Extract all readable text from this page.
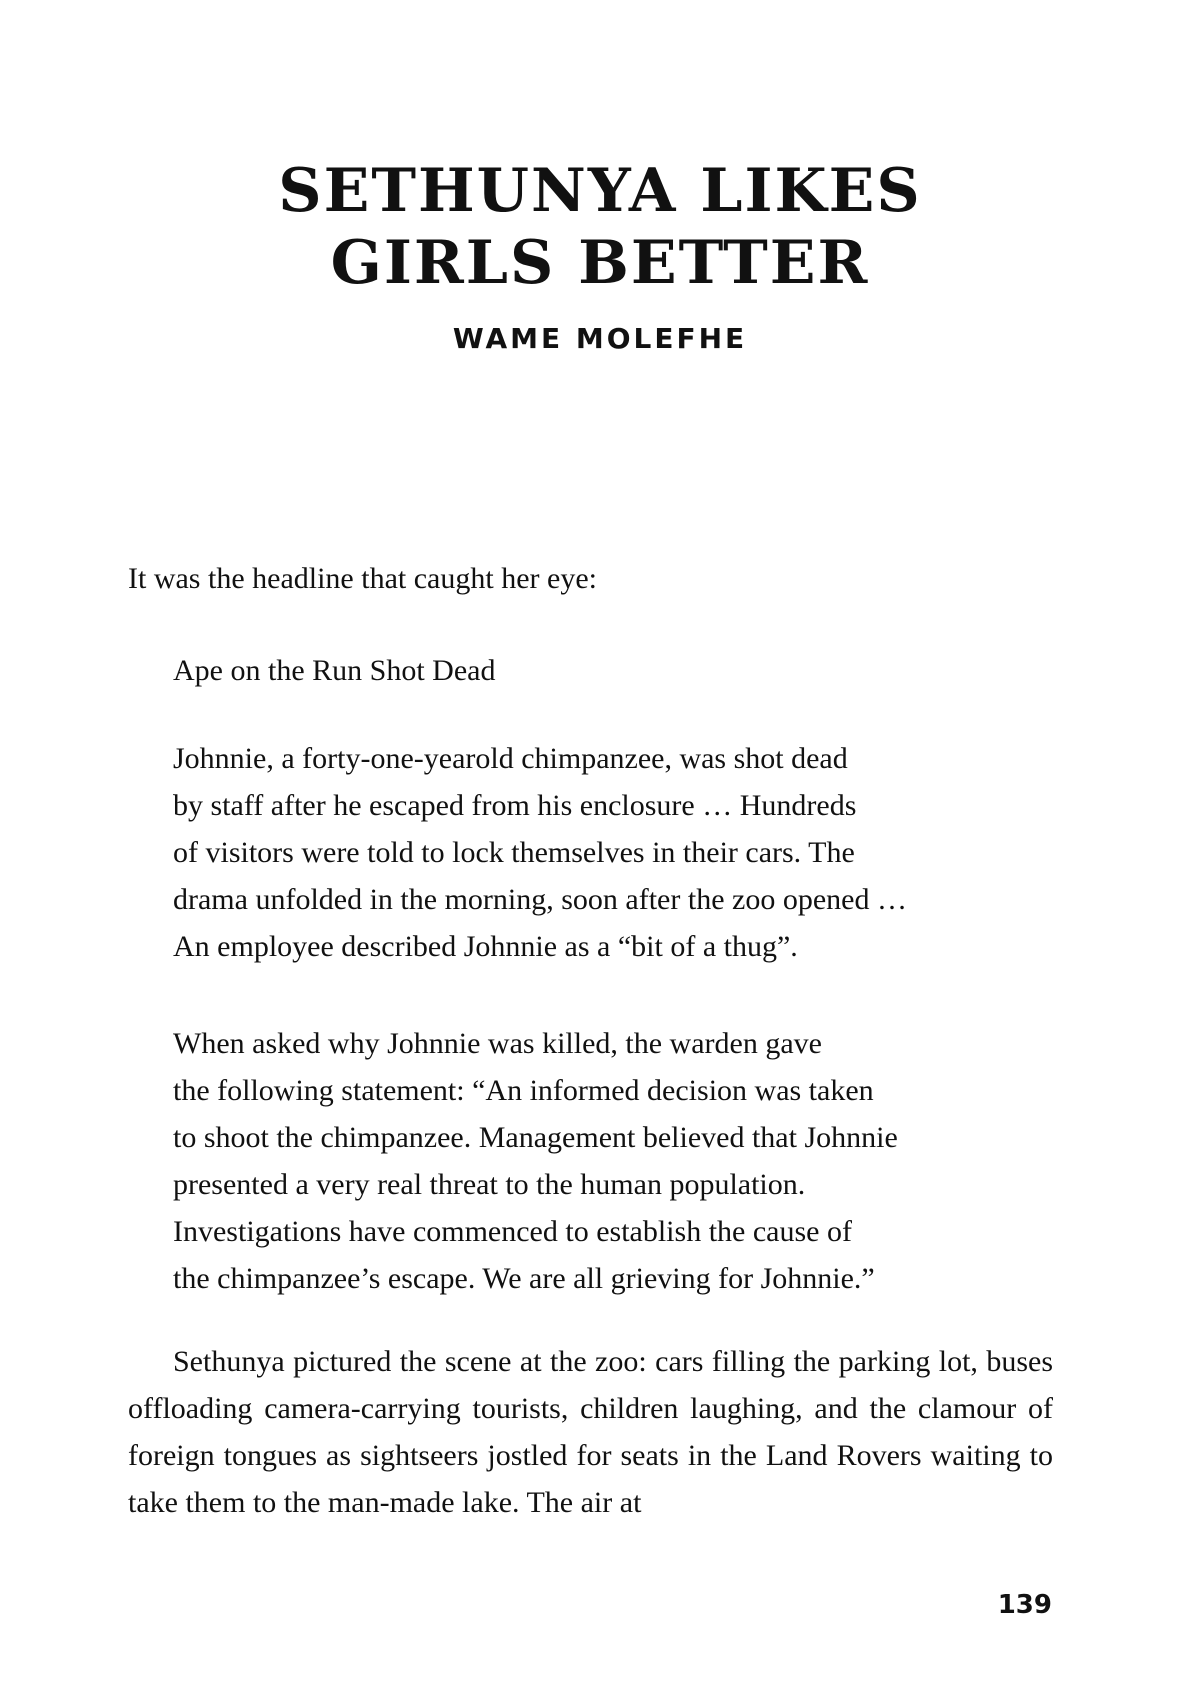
SETHUNYA LIKES
GIRLS BETTER

WAME MOLEFHE

It was the headline that caught her eye:

Ape on the Run Shot Dead

Johnnie, a forty-one-yearold chimpanzee, was shot dead
by staff after he escaped from his enclosure … Hundreds
of visitors were told to lock themselves in their cars. The
drama unfolded in the morning, soon after the zoo opened …
An employee described Johnnie as a “bit of a thug”.

When asked why Johnnie was killed, the warden gave
the following statement: “An informed decision was taken
to shoot the chimpanzee. Management believed that Johnnie
presented a very real threat to the human population.
Investigations have commenced to establish the cause of
the chimpanzee’s escape. We are all grieving for Johnnie.”

Sethunya pictured the scene at the zoo: cars filling the parking lot, buses offloading camera-carrying tourists, children laughing, and the clamour of foreign tongues as sightseers jostled for seats in the Land Rovers waiting to take them to the man-made lake. The air at

139
